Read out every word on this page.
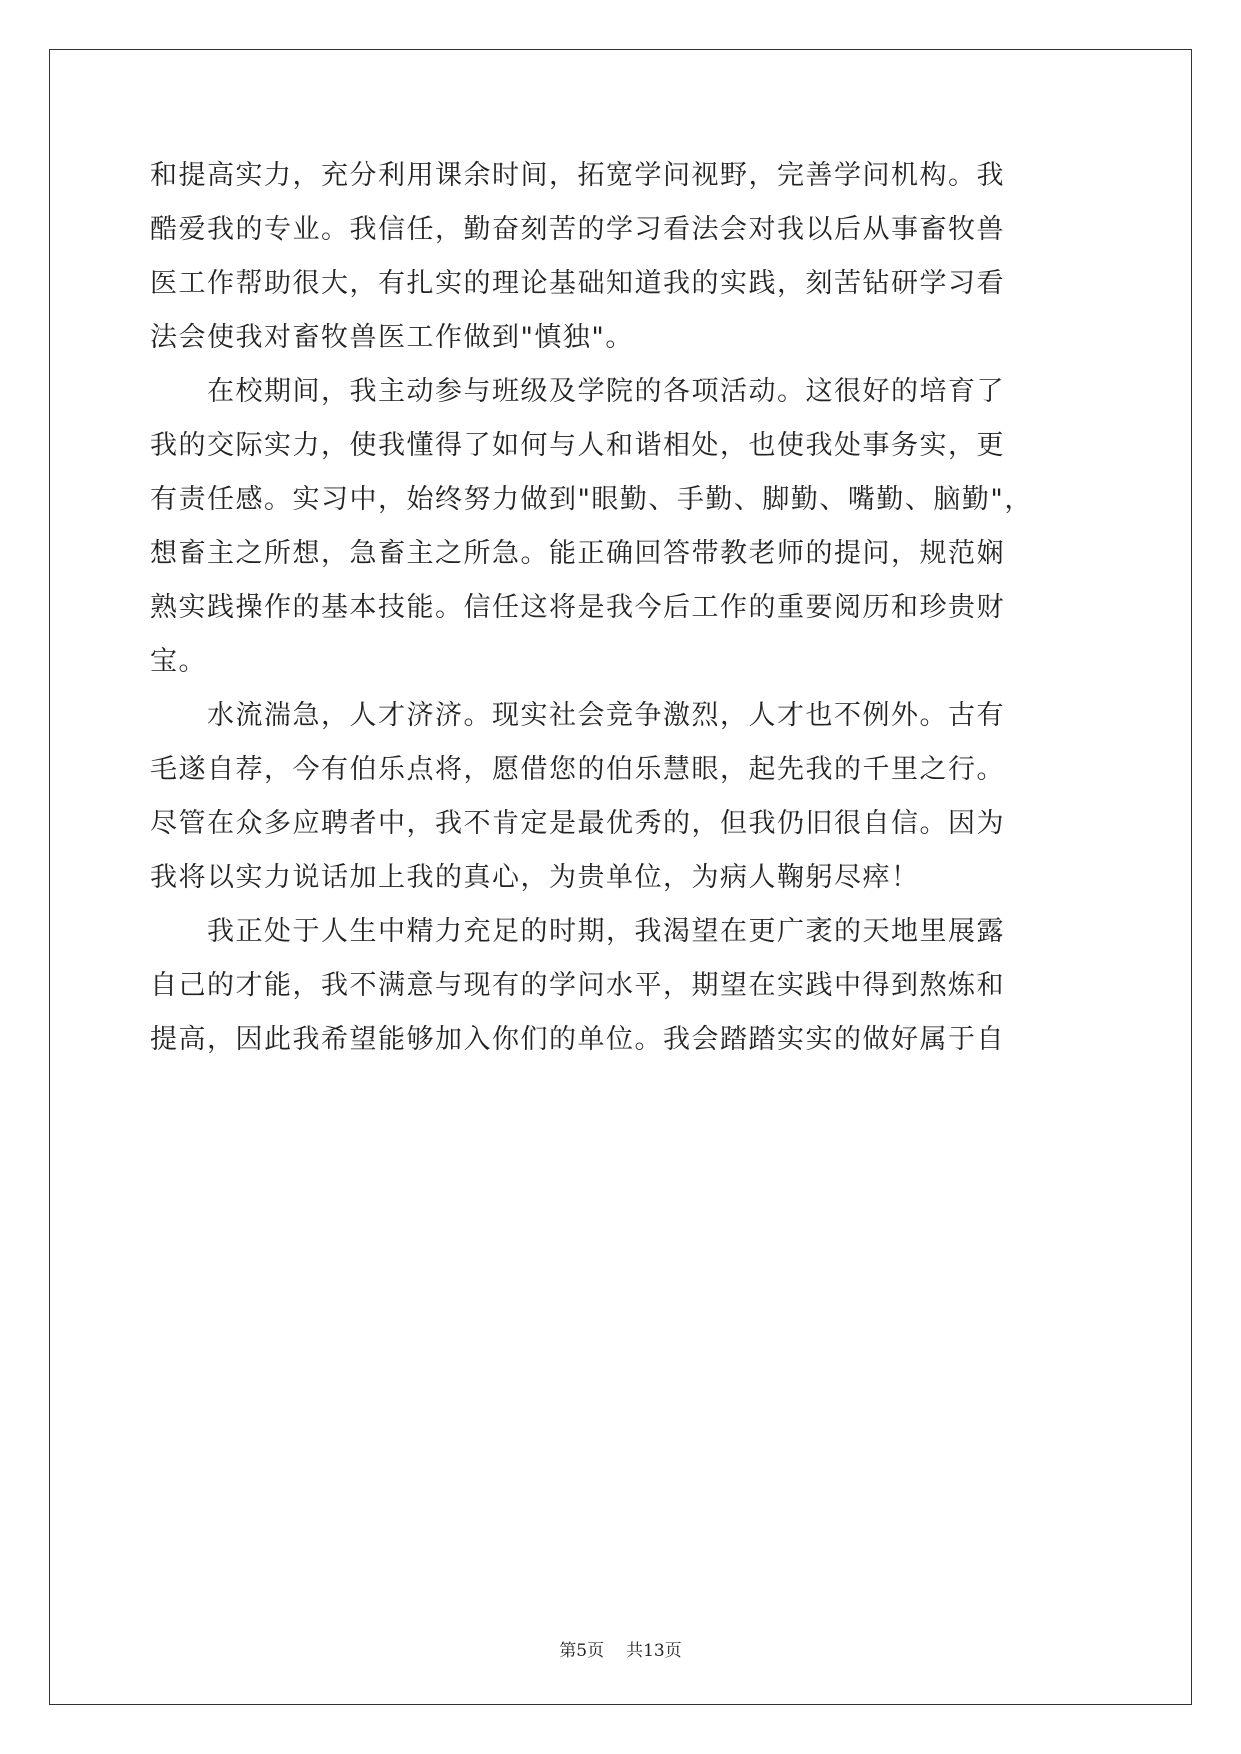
和提高实力，充分利用课余时间，拓宽学问视野，完善学问机构。我
酷爱我的专业。我信任，勤奋刻苦的学习看法会对我以后从事畜牧兽
医工作帮助很大，有扎实的理论基础知道我的实践，刻苦钻研学习看
法会使我对畜牧兽医工作做到"慎独"。
　　在校期间，我主动参与班级及学院的各项活动。这很好的培育了
我的交际实力，使我懂得了如何与人和谐相处，也使我处事务实，更
有责任感。实习中，始终努力做到"眼勤、手勤、脚勤、嘴勤、脑勤"，
想畜主之所想，急畜主之所急。能正确回答带教老师的提问，规范娴
熟实践操作的基本技能。信任这将是我今后工作的重要阅历和珍贵财
宝。
　　水流湍急，人才济济。现实社会竞争激烈，人才也不例外。古有
毛遂自荐，今有伯乐点将，愿借您的伯乐慧眼，起先我的千里之行。
尽管在众多应聘者中，我不肯定是最优秀的，但我仍旧很自信。因为
我将以实力说话加上我的真心，为贵单位，为病人鞠躬尽瘁！
　　我正处于人生中精力充足的时期，我渴望在更广袤的天地里展露
自己的才能，我不满意与现有的学问水平，期望在实践中得到熬炼和
提高，因此我希望能够加入你们的单位。我会踏踏实实的做好属于自
第5页 共13页
